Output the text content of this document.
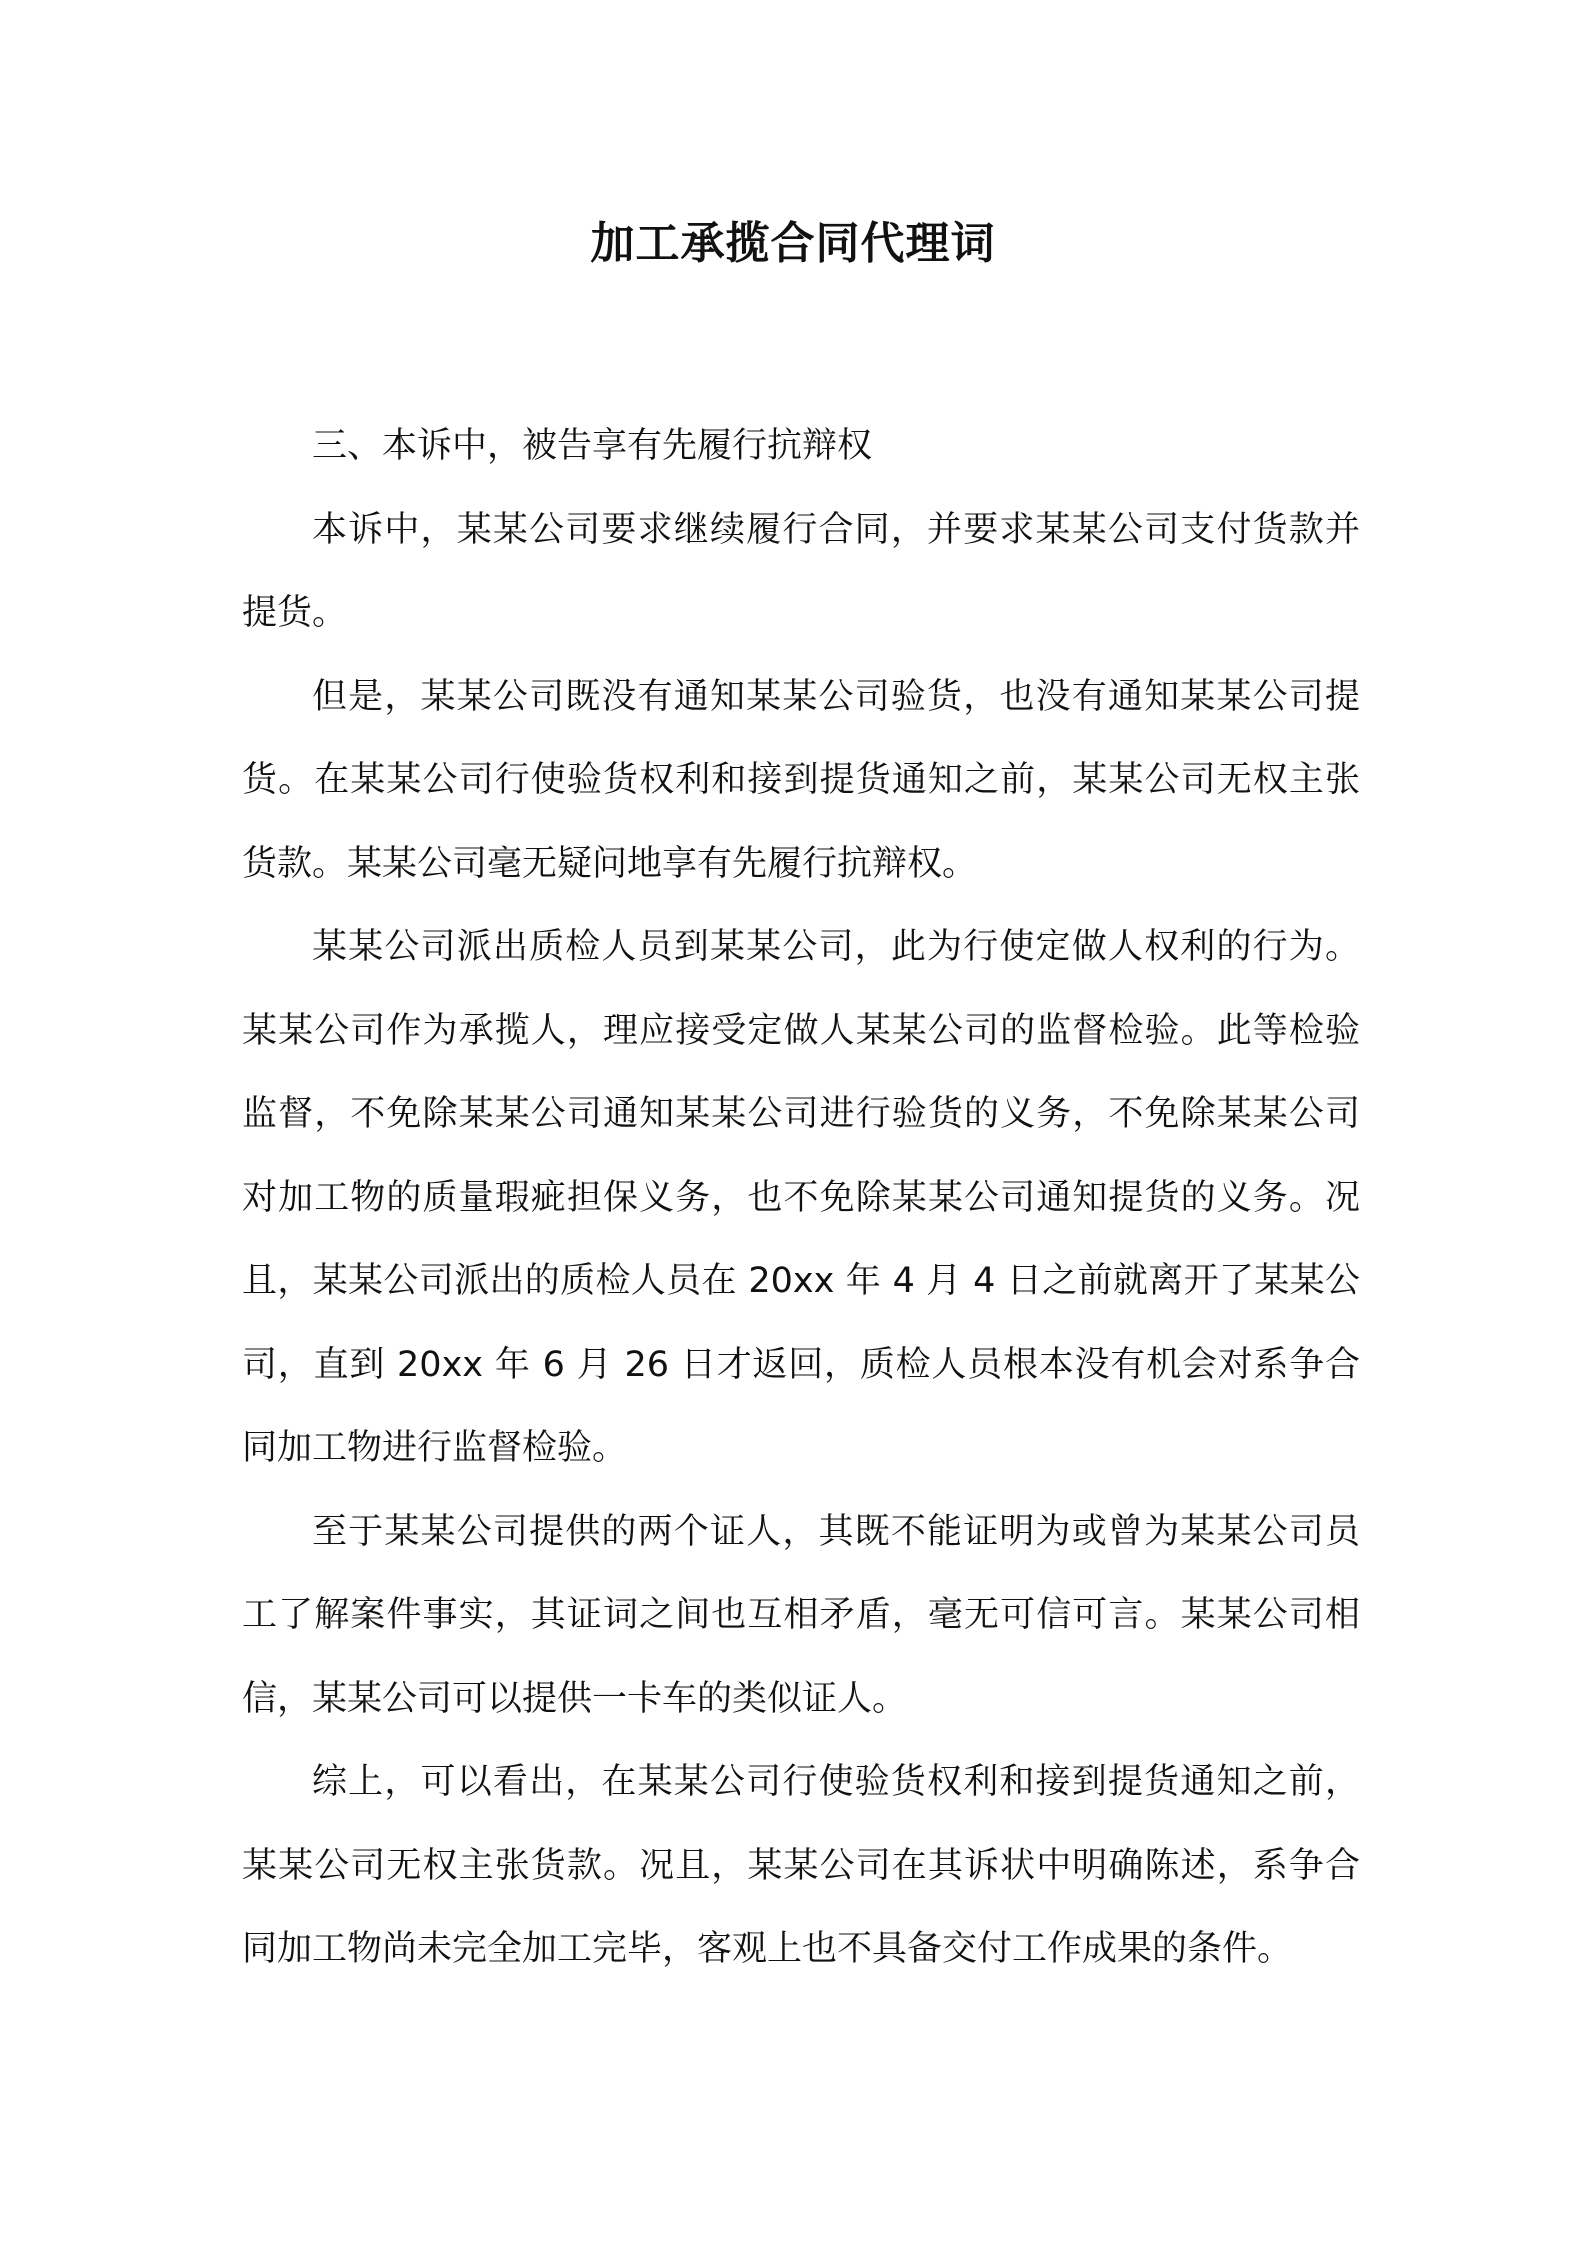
加工承揽合同代理词

三、本诉中，被告享有先履行抗辩权

本诉中，某某公司要求继续履行合同，并要求某某公司支付货款并提货。

但是，某某公司既没有通知某某公司验货，也没有通知某某公司提货。在某某公司行使验货权利和接到提货通知之前，某某公司无权主张货款。某某公司毫无疑问地享有先履行抗辩权。

某某公司派出质检人员到某某公司，此为行使定做人权利的行为。某某公司作为承揽人，理应接受定做人某某公司的监督检验。此等检验监督，不免除某某公司通知某某公司进行验货的义务，不免除某某公司对加工物的质量瑕疵担保义务，也不免除某某公司通知提货的义务。况且，某某公司派出的质检人员在 20xx 年 4 月 4 日之前就离开了某某公司，直到 20xx 年 6 月 26 日才返回，质检人员根本没有机会对系争合同加工物进行监督检验。

至于某某公司提供的两个证人，其既不能证明为或曾为某某公司员工了解案件事实，其证词之间也互相矛盾，毫无可信可言。某某公司相信，某某公司可以提供一卡车的类似证人。

综上，可以看出，在某某公司行使验货权利和接到提货通知之前，某某公司无权主张货款。况且，某某公司在其诉状中明确陈述，系争合同加工物尚未完全加工完毕，客观上也不具备交付工作成果的条件。
